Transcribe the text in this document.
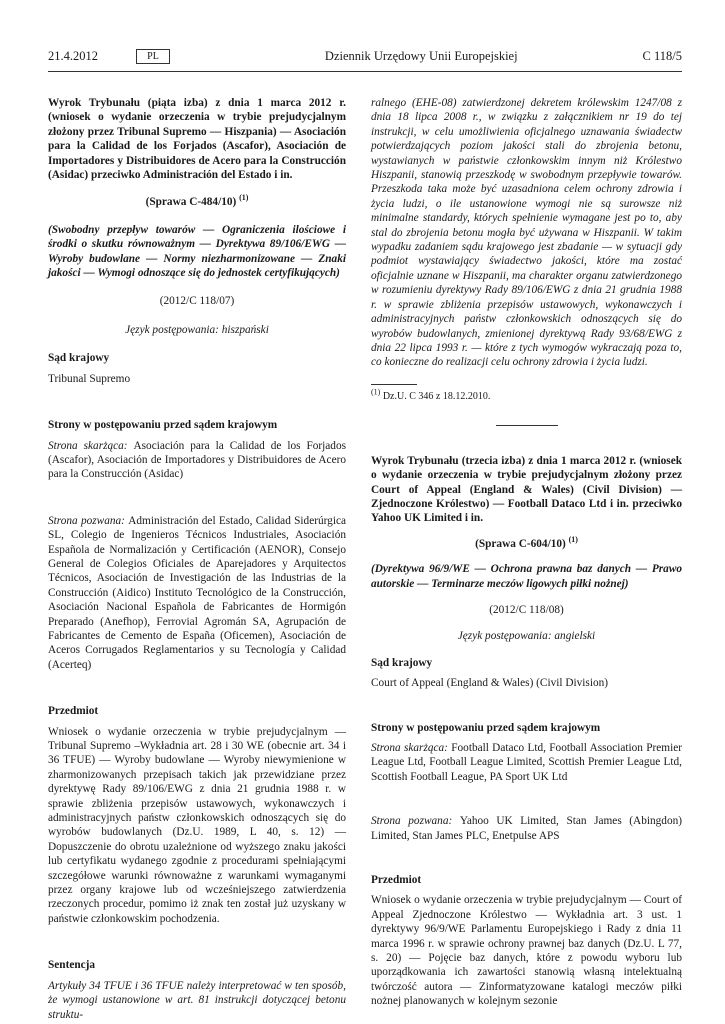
21.4.2012	PL	Dziennik Urzędowy Unii Europejskiej	C 118/5

Wyrok Trybunału (piąta izba) z dnia 1 marca 2012 r. (wniosek o wydanie orzeczenia w trybie prejudycjalnym złożony przez Tribunal Supremo — Hiszpania) — Asociación para la Calidad de los Forjados (Ascafor), Asociación de Importadores y Distribuidores de Acero para la Construcción (Asidac) przeciwko Administración del Estado i in.

(Sprawa C-484/10) $^{(1)}$

(Swobodny przepływ towarów — Ograniczenia ilościowe i środki o skutku równoważnym — Dyrektywa 89/106/EWG — Wyroby budowlane — Normy niezharmonizowane — Znaki jakości — Wymogi odnoszące się do jednostek certyfikujących)

(2012/C 118/07)

Język postępowania: hiszpański

Sąd krajowy

Tribunal Supremo

Strony w postępowaniu przed sądem krajowym

Strona skarżąca: Asociación para la Calidad de los Forjados (Ascafor), Asociación de Importadores y Distribuidores de Acero para la Construcción (Asidac)

Strona pozwana: Administración del Estado, Calidad Siderúrgica SL, Colegio de Ingenieros Técnicos Industriales, Asociación Española de Normalización y Certificación (AENOR), Consejo General de Colegios Oficiales de Aparejadores y Arquitectos Técnicos, Asociación de Investigación de las Industrias de la Construcción (Aidico) Instituto Tecnológico de la Construcción, Asociación Nacional Española de Fabricantes de Hormigón Preparado (Anefhop), Ferrovial Agromán SA, Agrupación de Fabricantes de Cemento de España (Oficemen), Asociación de Aceros Corrugados Reglamentarios y su Tecnología y Calidad (Acerteq)

Przedmiot

Wniosek o wydanie orzeczenia w trybie prejudycjalnym — Tribunal Supremo –Wykładnia art. 28 i 30 WE (obecnie art. 34 i 36 TFUE) — Wyroby budowlane — Wyroby niewymienione w zharmonizowanych przepisach takich jak przewidziane przez dyrektywę Rady 89/106/EWG z dnia 21 grudnia 1988 r. w sprawie zbliżenia przepisów ustawowych, wykonawczych i administracyjnych państw członkowskich odnoszących się do wyrobów budowlanych (Dz.U. 1989, L 40, s. 12) — Dopuszczenie do obrotu uzależnione od wyższego znaku jakości lub certyfikatu wydanego zgodnie z procedurami spełniającymi szczegółowe warunki równoważne z warunkami wymaganymi przez organy krajowe lub od wcześniejszego zatwierdzenia rzeczonych procedur, pomimo iż znak ten został już uzyskany w państwie członkowskim pochodzenia.

Sentencja

Artykuły 34 TFUE i 36 TFUE należy interpretować w ten sposób, że wymogi ustanowione w art. 81 instrukcji dotyczącej betonu struktu-

ralnego (EHE-08) zatwierdzonej dekretem królewskim 1247/08 z dnia 18 lipca 2008 r., w związku z załącznikiem nr 19 do tej instrukcji, w celu umożliwienia oficjalnego uznawania świadectw potwierdzających poziom jakości stali do zbrojenia betonu, wystawianych w państwie członkowskim innym niż Królestwo Hiszpanii, stanowią przeszkodę w swobodnym przepływie towarów. Przeszkoda taka może być uzasadniona celem ochrony zdrowia i życia ludzi, o ile ustanowione wymogi nie są surowsze niż minimalne standardy, których spełnienie wymagane jest po to, aby stal do zbrojenia betonu mogła być używana w Hiszpanii. W takim wypadku zadaniem sądu krajowego jest zbadanie — w sytuacji gdy podmiot wystawiający świadectwo jakości, które ma zostać oficjalnie uznane w Hiszpanii, ma charakter organu zatwierdzonego w rozumieniu dyrektywy Rady 89/106/EWG z dnia 21 grudnia 1988 r. w sprawie zbliżenia przepisów ustawowych, wykonawczych i administracyjnych państw członkowskich odnoszących się do wyrobów budowlanych, zmienionej dyrektywą Rady 93/68/EWG z dnia 22 lipca 1993 r. — które z tych wymogów wykraczają poza to, co konieczne do realizacji celu ochrony zdrowia i życia ludzi.

$^{(1)}$ Dz.U. C 346 z 18.12.2010.

Wyrok Trybunału (trzecia izba) z dnia 1 marca 2012 r. (wniosek o wydanie orzeczenia w trybie prejudycjalnym złożony przez Court of Appeal (England & Wales) (Civil Division) — Zjednoczone Królestwo) — Football Dataco Ltd i in. przeciwko Yahoo UK Limited i in.

(Sprawa C-604/10) $^{(1)}$

(Dyrektywa 96/9/WE — Ochrona prawna baz danych — Prawo autorskie — Terminarze meczów ligowych piłki nożnej)

(2012/C 118/08)

Język postępowania: angielski

Sąd krajowy

Court of Appeal (England & Wales) (Civil Division)

Strony w postępowaniu przed sądem krajowym

Strona skarżąca: Football Dataco Ltd, Football Association Premier League Ltd, Football League Limited, Scottish Premier League Ltd, Scottish Football League, PA Sport UK Ltd

Strona pozwana: Yahoo UK Limited, Stan James (Abingdon) Limited, Stan James PLC, Enetpulse APS

Przedmiot

Wniosek o wydanie orzeczenia w trybie prejudycjalnym — Court of Appeal Zjednoczone Królestwo — Wykładnia art. 3 ust. 1 dyrektywy 96/9/WE Parlamentu Europejskiego i Rady z dnia 11 marca 1996 r. w sprawie ochrony prawnej baz danych (Dz.U. L 77, s. 20) — Pojęcie baz danych, które z powodu wyboru lub uporządkowania ich zawartości stanowią własną intelektualną twórczość autora — Zinformatyzowane katalogi meczów piłki nożnej planowanych w kolejnym sezonie
